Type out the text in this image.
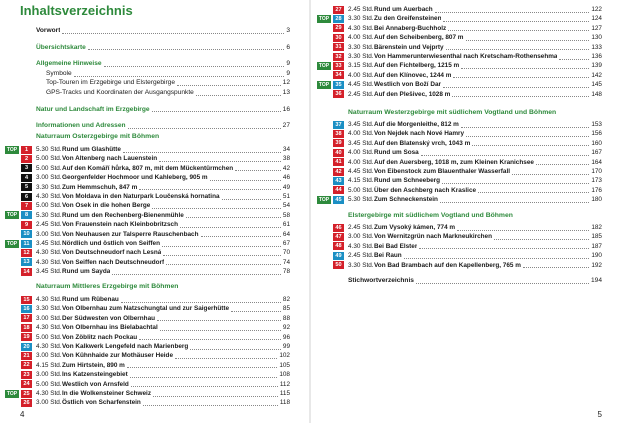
Inhaltsverzeichnis
Vorwort	3
Übersichtskarte	6
Allgemeine Hinweise	9
Symbole	9
Top-Touren im Erzgebirge und Elstergebirge	12
GPS-Tracks und Koordinaten der Ausgangspunkte	13
Natur und Landschaft im Erzgebirge	16
Informationen und Adressen	27
Naturraum Osterzgebirge mit Böhmen
TOP	1	5.30 Std. Rund um Glashütte	34
2	5.00 Std. Von Altenberg nach Lauenstein	38
3	5.00 Std. Auf den Komáří hůrka, 807 m, mit dem Mückentürmchen	42
4	3.00 Std. Georgenfelder Hochmoor und Kahleberg, 905 m	46
5	3.30 Std. Zum Hemmschuh, 847 m	49
6	4.30 Std. Von Moldava in den Naturpark Loučenská hornatina	51
7	5.00 Std. Von Osek in die hohen Berge	54
TOP	8	5.30 Std. Rund um den Rechenberg-Bienenmühle	58
9	2.45 Std. Von Frauenstein nach Kleinbobritzsch	61
10 3.00 Std. Von Neuhausen zur Talsperre Rauschenbach	64
TOP	11	3.45 Std. Nördlich und östlich von Seiffen	67
12 4.30 Std. Von Deutschneudorf nach Lesná	70
13 4.30 Std. Von Seiffen nach Deutschneudorf	74
14 3.45 Std. Rund um Sayda	78
Naturraum Mittleres Erzgebirge mit Böhmen
15 4.30 Std. Rund um Rübenau	82
16 3.30 Std. Von Olbernhau zum Natzschungtal und zur Saigerhütte	85
17 3.00 Std. Der Südwesten von Olbernhau	88
18 4.30 Std. Von Olbernhau ins Bielabachtal	92
19 5.00 Std. Von Zöblitz nach Pockau	96
20 4.30 Std. Von Kalkwerk Lengefeld nach Marienberg	99
21 3.00 Std. Von Kühnhaide zur Mothäuser Heide	102
22 4.15 Std. Zum Hirtstein, 890 m	105
23 3.00 Std. Ins Katzensteingebiet	108
24 5.00 Std. Westlich von Arnsfeld	112
TOP	25 4.30 Std. In die Wolkensteiner Schweiz	115
26 3.00 Std. Östlich von Scharfenstein	118
4
27 2.45 Std. Rund um Auerbach	122
TOP	28 3.30 Std. Zu den Greifensteinen	124
29 4.30 Std. Bei Annaberg-Buchholz	127
30 4.00 Std. Auf den Scheibenberg, 807 m	130
31 3.30 Std. Bärenstein und Vejprty	133
32 3.30 Std. Von Hammerunterwiesenthal nach Kretscham-Rothensehma	136
TOP	33 3.15 Std. Auf den Fichtelberg, 1215 m	139
34 4.00 Std. Auf den Klínovec, 1244 m	142
TOP	35 4.45 Std. Westlich von Boží Dar	145
36 2.45 Std. Auf den Plešivec, 1028 m	148
Naturraum Westerzgebirge mit südlichem Vogtland und Böhmen
37 3.45 Std. Auf die Morgenleithe, 812 m	153
38 4.00 Std. Von Nejdek nach Nové Hamry	156
39 3.45 Std. Auf den Blatenský vrch, 1043 m	160
40 4.00 Std. Rund um Sosa	167
41 4.00 Std. Auf den Auersberg, 1018 m, zum Kleinen Kranichsee	164
42 4.45 Std. Von Eibenstock zum Blauenthaler Wasserfall	170
43 4.15 Std. Rund um Schneeberg	173
44 5.00 Std. Über den Aschberg nach Kraslice	176
TOP	45 5.30 Std. Zum Schneckenstein	180
Elstergebirge mit südlichem Vogtland und Böhmen
46 2.45 Std. Zum Vysoký kámen, 774 m	182
47 3.00 Std. Von Wernitzgrün nach Markneukirchen	185
48 4.30 Std. Bei Bad Elster	187
49 2.45 Std. Bei Raun	190
50 3.30 Std. Von Bad Brambach auf den Kapellenberg, 765 m	192
Stichwortverzeichnis	194
5
